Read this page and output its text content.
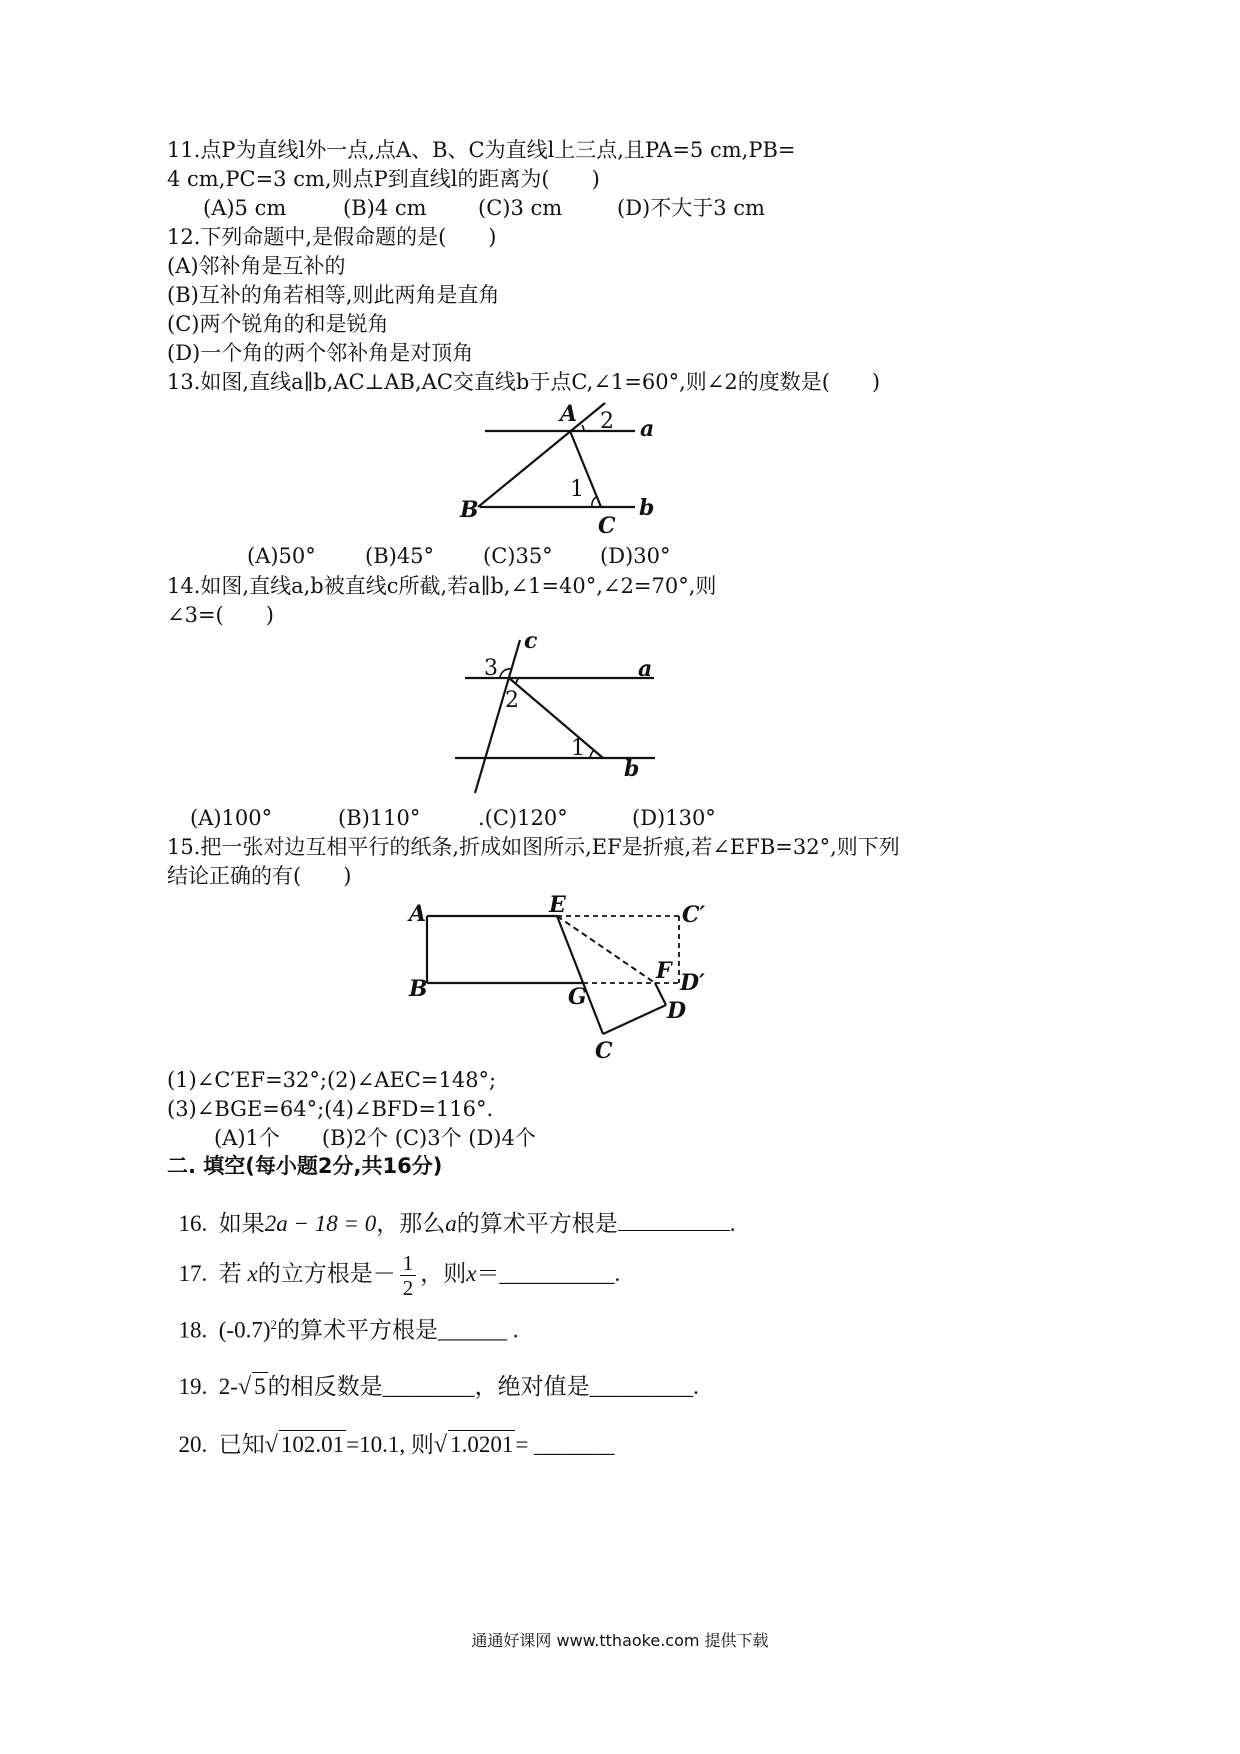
11.点P为直线l外一点,点A、B、C为直线l上三点,且PA=5 cm,PB=
4 cm,PC=3 cm,则点P到直线l的距离为(　　)
(A)5 cm	(B)4 cm (C)3 cm	(D)不大于3 cm
12.下列命题中,是假命题的是(　　)
(A)邻补角是互补的
(B)互补的角若相等,则此两角是直角
(C)两个锐角的和是锐角
(D)一个角的两个邻补角是对顶角
13.如图,直线a∥b,AC⊥AB,AC交直线b于点C,∠1=60°,则∠2的度数是(　　)
A
B
C
a
b
1
2
(A)50° (B)45° (C)35° (D)30°
14.如图,直线a,b被直线c所截,若a∥b,∠1=40°,∠2=70°,则
∠3=(　　)
c
a
b
1
2
3
(A)100°	(B)110°	.(C)120°	(D)130°
15.把一张对边互相平行的纸条,折成如图所示,EF是折痕,若∠EFB=32°,则下列
结论正确的有(　　)
A
B
E	C′
F D′
G
D
C
(1)∠C′EF=32°;(2)∠AEC=148°;
(3)∠BGE=64°;(4)∠BFD=116°.
(A)1个　　(B)2个 (C)3个 (D)4个
二. 填空(每小题2分,共16分)

16.  如果2a − 18 = 0，那么a的算术平方根是	.

17.  若 x的立方根是－ $\frac{1}{2}$ ，则x＝__________.

18.  $(-0.7)^2$的算术平方根是______ .

19.  2-√ 5的相反数是________，绝对值是_________.

20.  已知√ 102.01=10.1, 则√ 1.0201= _______

通通好课网 www.tthaoke.com 提供下载
